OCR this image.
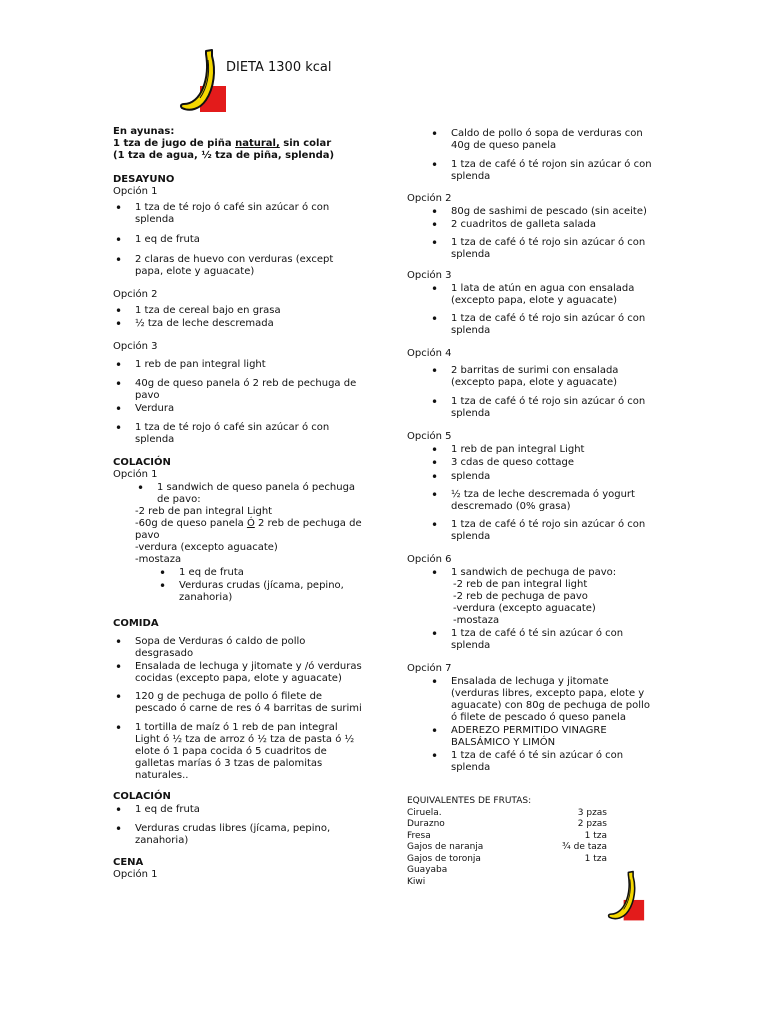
DIETA 1300 kcal
En ayunas:
1 tza de jugo de piña natural, sin colar
(1 tza de agua, ½ tza de piña, splenda)
DESAYUNO
Opción 1
• 1 tza de té rojo ó café sin azúcar ó con splenda
• 1 eq de fruta
• 2 claras de huevo con verduras (except papa, elote y aguacate)
Opción 2
• 1 tza de cereal bajo en grasa
• ½ tza de leche descremada
Opción 3
• 1 reb de pan integral light
• 40g de queso panela ó 2 reb de pechuga de pavo
• Verdura
• 1 tza de té rojo ó café sin azúcar ó con splenda
COLACIÓN
Opción 1
• 1 sandwich de queso panela ó pechuga de pavo:
-2 reb de pan integral Light
-60g de queso panela Ó 2 reb de pechuga de pavo
-verdura (excepto aguacate)
-mostaza
• 1 eq de fruta
• Verduras crudas (jícama, pepino, zanahoria)
COMIDA
• Sopa de Verduras ó caldo de pollo desgrasado
• Ensalada de lechuga y jitomate y /ó verduras cocidas (excepto papa, elote y aguacate)
• 120 g de pechuga de pollo ó filete de pescado ó carne de res ó 4 barritas de surimi
• 1 tortilla de maíz ó 1 reb de pan integral Light ó ½ tza de arroz ó ½ tza de pasta ó ½ elote ó 1 papa cocida ó 5 cuadritos de galletas marías ó 3 tzas de palomitas naturales..
COLACIÓN
• 1 eq de fruta
• Verduras crudas libres (jícama, pepino, zanahoria)
CENA
Opción 1
• Caldo de pollo ó sopa de verduras con 40g de queso panela
• 1 tza de café ó té rojon sin azúcar ó con splenda
Opción 2
• 80g de sashimi de pescado (sin aceite)
• 2 cuadritos de galleta salada
• 1 tza de café ó té rojo sin azúcar ó con splenda
Opción 3
• 1 lata de atún en agua con ensalada (excepto papa, elote y aguacate)
• 1 tza de café ó té rojo sin azúcar ó con splenda
Opción 4
• 2 barritas de surimi con ensalada (excepto papa, elote y aguacate)
• 1 tza de café ó té rojo sin azúcar ó con splenda
Opción 5
• 1 reb de pan integral Light
• 3 cdas de queso cottage
• splenda
• ½ tza de leche descremada ó yogurt descremado (0% grasa)
• 1 tza de café ó té rojo sin azúcar ó con splenda
Opción 6
• 1 sandwich de pechuga de pavo:
-2 reb de pan integral light
-2 reb de pechuga de pavo
-verdura (excepto aguacate)
-mostaza
• 1 tza de café ó té sin azúcar ó con splenda
Opción 7
• Ensalada de lechuga y jitomate (verduras libres, excepto papa, elote y aguacate) con 80g de pechuga de pollo ó filete de pescado ó queso panela
• ADEREZO PERMITIDO VINAGRE BALSÁMICO Y LIMÓN
• 1 tza de café ó té sin azúcar ó con splenda
EQUIVALENTES DE FRUTAS:
Ciruela.	3 pzas
Durazno	2 pzas
Fresa	1 tza
Gajos de naranja	¾ de taza
Gajos de toronja	1 tza
Guayaba
Kiwi
